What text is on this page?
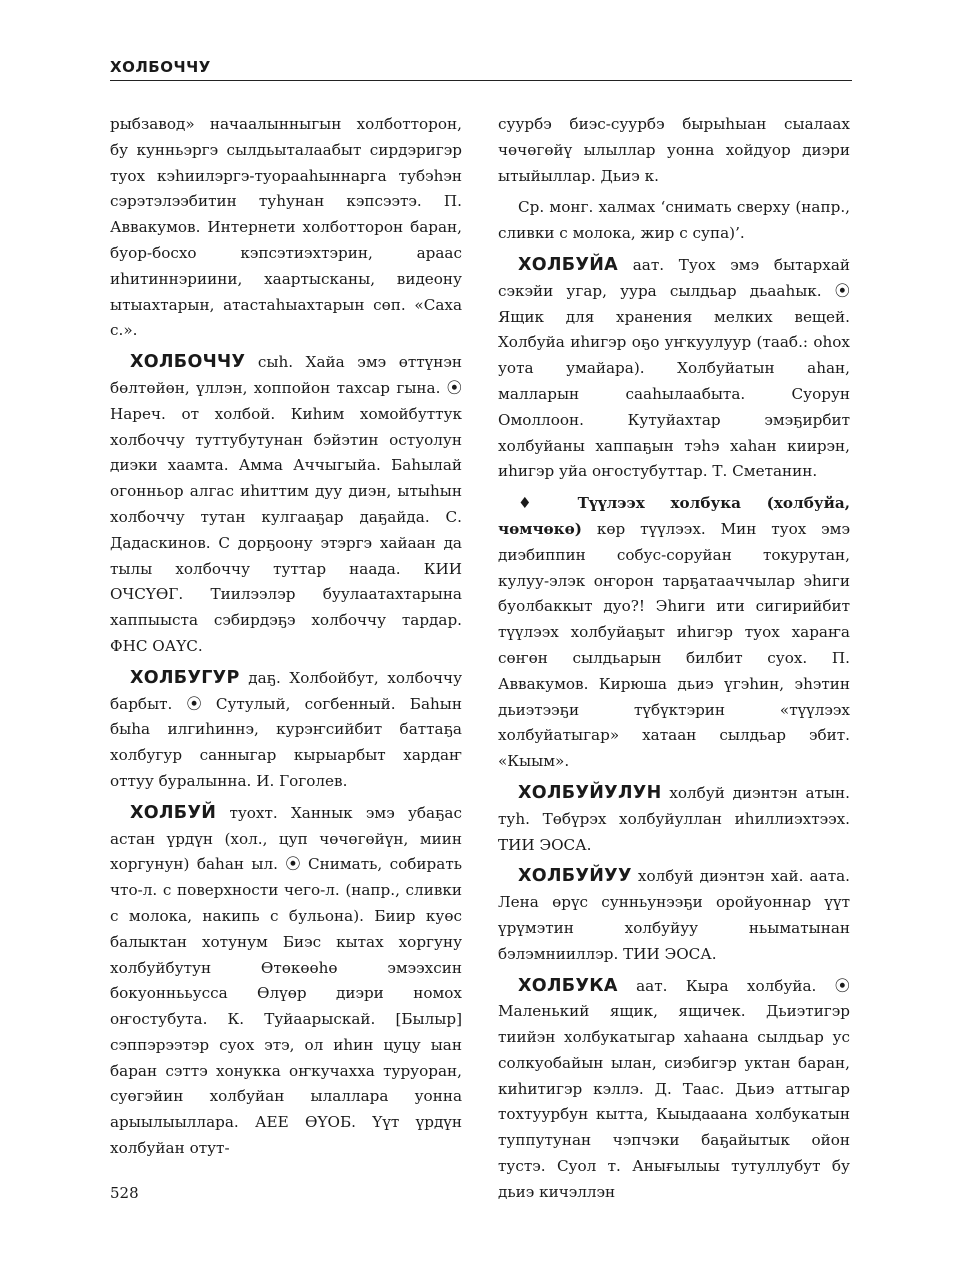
ХОЛБОЧЧУ

рыбзавод» начаалынныгын холботторон, бу кунньэргэ сылдьыталаабыт сирдэригэр туох кэһиилэргэ-туорааһыннарга тубэһэн сэрэтэлээбитин туһунан кэпсээтэ. П. Аввакумов. Интернети холботторон баран, буор-босхо кэпсэтиэхтэрин, араас иһитиннэриини, хаартысканы, видеону ытыахтарын, атастаһыахтарын сөп. «Саха с.».

ХОЛБОЧЧУ сыһ. Хайа эмэ өттүнэн бөлтөйөн, үллэн, хоппойон тахсар гына. ⦿ Нареч. от холбой. Киһим хомойбуттук холбоччу туттубутунан бэйэтин остуолун диэки хаамта. Амма Аччыгыйа. Баһылай огонньор алгас иһиттим дуу диэн, ытыһын холбоччу тутан кулгааҕар даҕайда. С. Дадаскинов. С дорҕоону этэргэ хайаан да тылы холбоччу туттар наада. КИИ ОЧСҮӨГ. Тиилээлэр буулаатахтарына хаппыыста сэбирдэҕэ холбоччу тардар. ФНС ОАҮС.

ХОЛБУГУР даҕ. Холбойбут, холбоччу барбыт. ⦿ Сутулый, согбенный. Баһын быһа илгиһиннэ, курэҥсийбит баттаҕа холбугур санныгар кырыарбыт хардаҥ оттуу буралынна. И. Гоголев.

ХОЛБУЙ туохт. Ханнык эмэ убаҕас астан үрдүн (хол., цуп чөчөгөйүн, миин хоргунун) баһан ыл. ⦿ Снимать, собирать что-л. с поверхности чего-л. (напр., сливки с молока, накипь с бульона). Биир куөс балыктан хотунум Биэс кытах хоргуну холбуйбутун Өтөкөөһө эмээхсин бокуоннььусса Өлүөр диэри номох оҥостубута. К. Туйаарыскай. [Былыр] сэппэрээтэр суох этэ, ол иһин цуцу ыан баран сэттэ хонукка оҥкучахха туруоран, суөгэйин холбуйан ылаллара уонна арыылыыллара. АЕЕ ӨҮОБ. Үүт үрдүн холбуйан отут-

суурбэ биэс-суурбэ бырыһыан сыалаах чөчөгөйү ылыллар уонна хойдуор диэри ытыйыллар. Дьиэ к.

Ср. монг. халмах ‘снимать сверху (напр., сливки с молока, жир с супа)’.

ХОЛБУЙА аат. Туох эмэ бытархай сэкэйи угар, уура сылдьар дьааһык. ⦿ Ящик для хранения мелких вещей. Холбуйа иһигэр оҕо уҥкуулуур (тааб.: оһох уота умайара). Холбуйатын аһан, малларын сааһылаабыта. Суорун Омоллоон. Кутуйахтар эмэҕирбит холбуйаны хаппаҕын тэһэ хаһан киирэн, иһигэр уйа оҥостубуттар. Т. Сметанин.

♦ Түүлээх холбука (холбуйа, чөмчөкө) көр түүлээх. Мин туох эмэ диэбиппин собус-соруйан токурутан, кулуу-элэк оҥорон тарҕатааччылар эһиги буолбаккыт дуо?! Эһиги ити сигирийбит түүлээх холбуйаҕыт иһигэр туох хараҥа сөҥөн сылдьарын билбит суох. П. Аввакумов. Кирюша дьиэ үгэһин, эһэтин дьиэтээҕи түбүктэрин «түүлээх холбуйатыгар» хатаан сылдьар эбит. «Кыым».

ХОЛБУЙУЛУН холбуй диэнтэн атын. туһ. Төбүрэх холбуйуллан иһиллиэхтээх. ТИИ ЭОСА.

ХОЛБУЙУУ холбуй диэнтэн хай. аата. Лена өрүс сунньунээҕи оройуоннар үүт үрүмэтин холбуйуу ньыматынан бэлэмнииллэр. ТИИ ЭОСА.

ХОЛБУКА аат. Кыра холбуйа. ⦿ Маленький ящик, ящичек. Дьиэтигэр тиийэн холбукатыгар хаһаана сылдьар ус солкуобайын ылан, сиэбигэр уктан баран, киһитигэр кэллэ. Д. Таас. Дьиэ аттыгар тохтуурбун кытта, Кыыдааана холбукатын туппутунан чэпчэки баҕайытык ойон тустэ. Суол т. Анығылыы тутуллубут бу дьиэ кичэллэн

528
